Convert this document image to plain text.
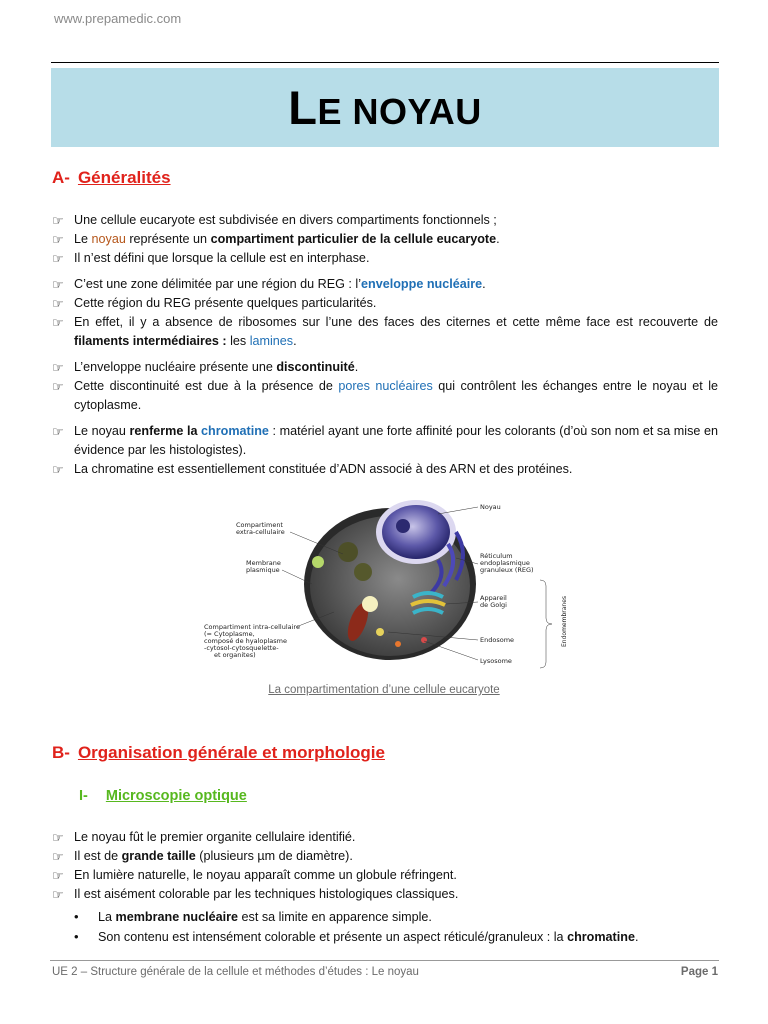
www.prepamedic.com
LE NOYAU
A- Généralités
☞ Une cellule eucaryote est subdivisée en divers compartiments fonctionnels ;
☞ Le noyau représente un compartiment particulier de la cellule eucaryote.
☞ Il n’est défini que lorsque la cellule est en interphase.
☞ C’est une zone délimitée par une région du REG : l’enveloppe nucléaire.
☞ Cette région du REG présente quelques particularités.
☞ En effet, il y a absence de ribosomes sur l’une des faces des citernes et cette même face est recouverte de filaments intermédiaires : les lamines.
☞ L’enveloppe nucléaire présente une discontinuité.
☞ Cette discontinuité est due à la présence de pores nucléaires qui contrôlent les échanges entre le noyau et le cytoplasme.
☞ Le noyau renferme la chromatine : matériel ayant une forte affinité pour les colorants (d’où son nom et sa mise en évidence par les histologistes).
☞ La chromatine est essentiellement constituée d’ADN associé à des ARN et des protéines.
Compartiment
extra-cellulaire
Membrane
plasmique
Compartiment intra-cellulaire
(= Cytoplasme,
composé de hyaloplasme
-cytosol-cytosquelette-
et organites)
Noyau
Réticulum
endoplasmique
granuleux (REG)
Appareil
de Golgi
Endosome
Lysosome
Endomembranes
La compartimentation d’une cellule eucaryote
B- Organisation générale et morphologie
I- Microscopie optique
☞ Le noyau fût le premier organite cellulaire identifié.
☞ Il est de grande taille (plusieurs µm de diamètre).
☞ En lumière naturelle, le noyau apparaît comme un globule réfringent.
☞ Il est aisément colorable par les techniques histologiques classiques.
• La membrane nucléaire est sa limite en apparence simple.
• Son contenu est intensément colorable et présente un aspect réticulé/granuleux : la chromatine.
UE 2 – Structure générale de la cellule et méthodes d’études : Le noyau	Page 1
